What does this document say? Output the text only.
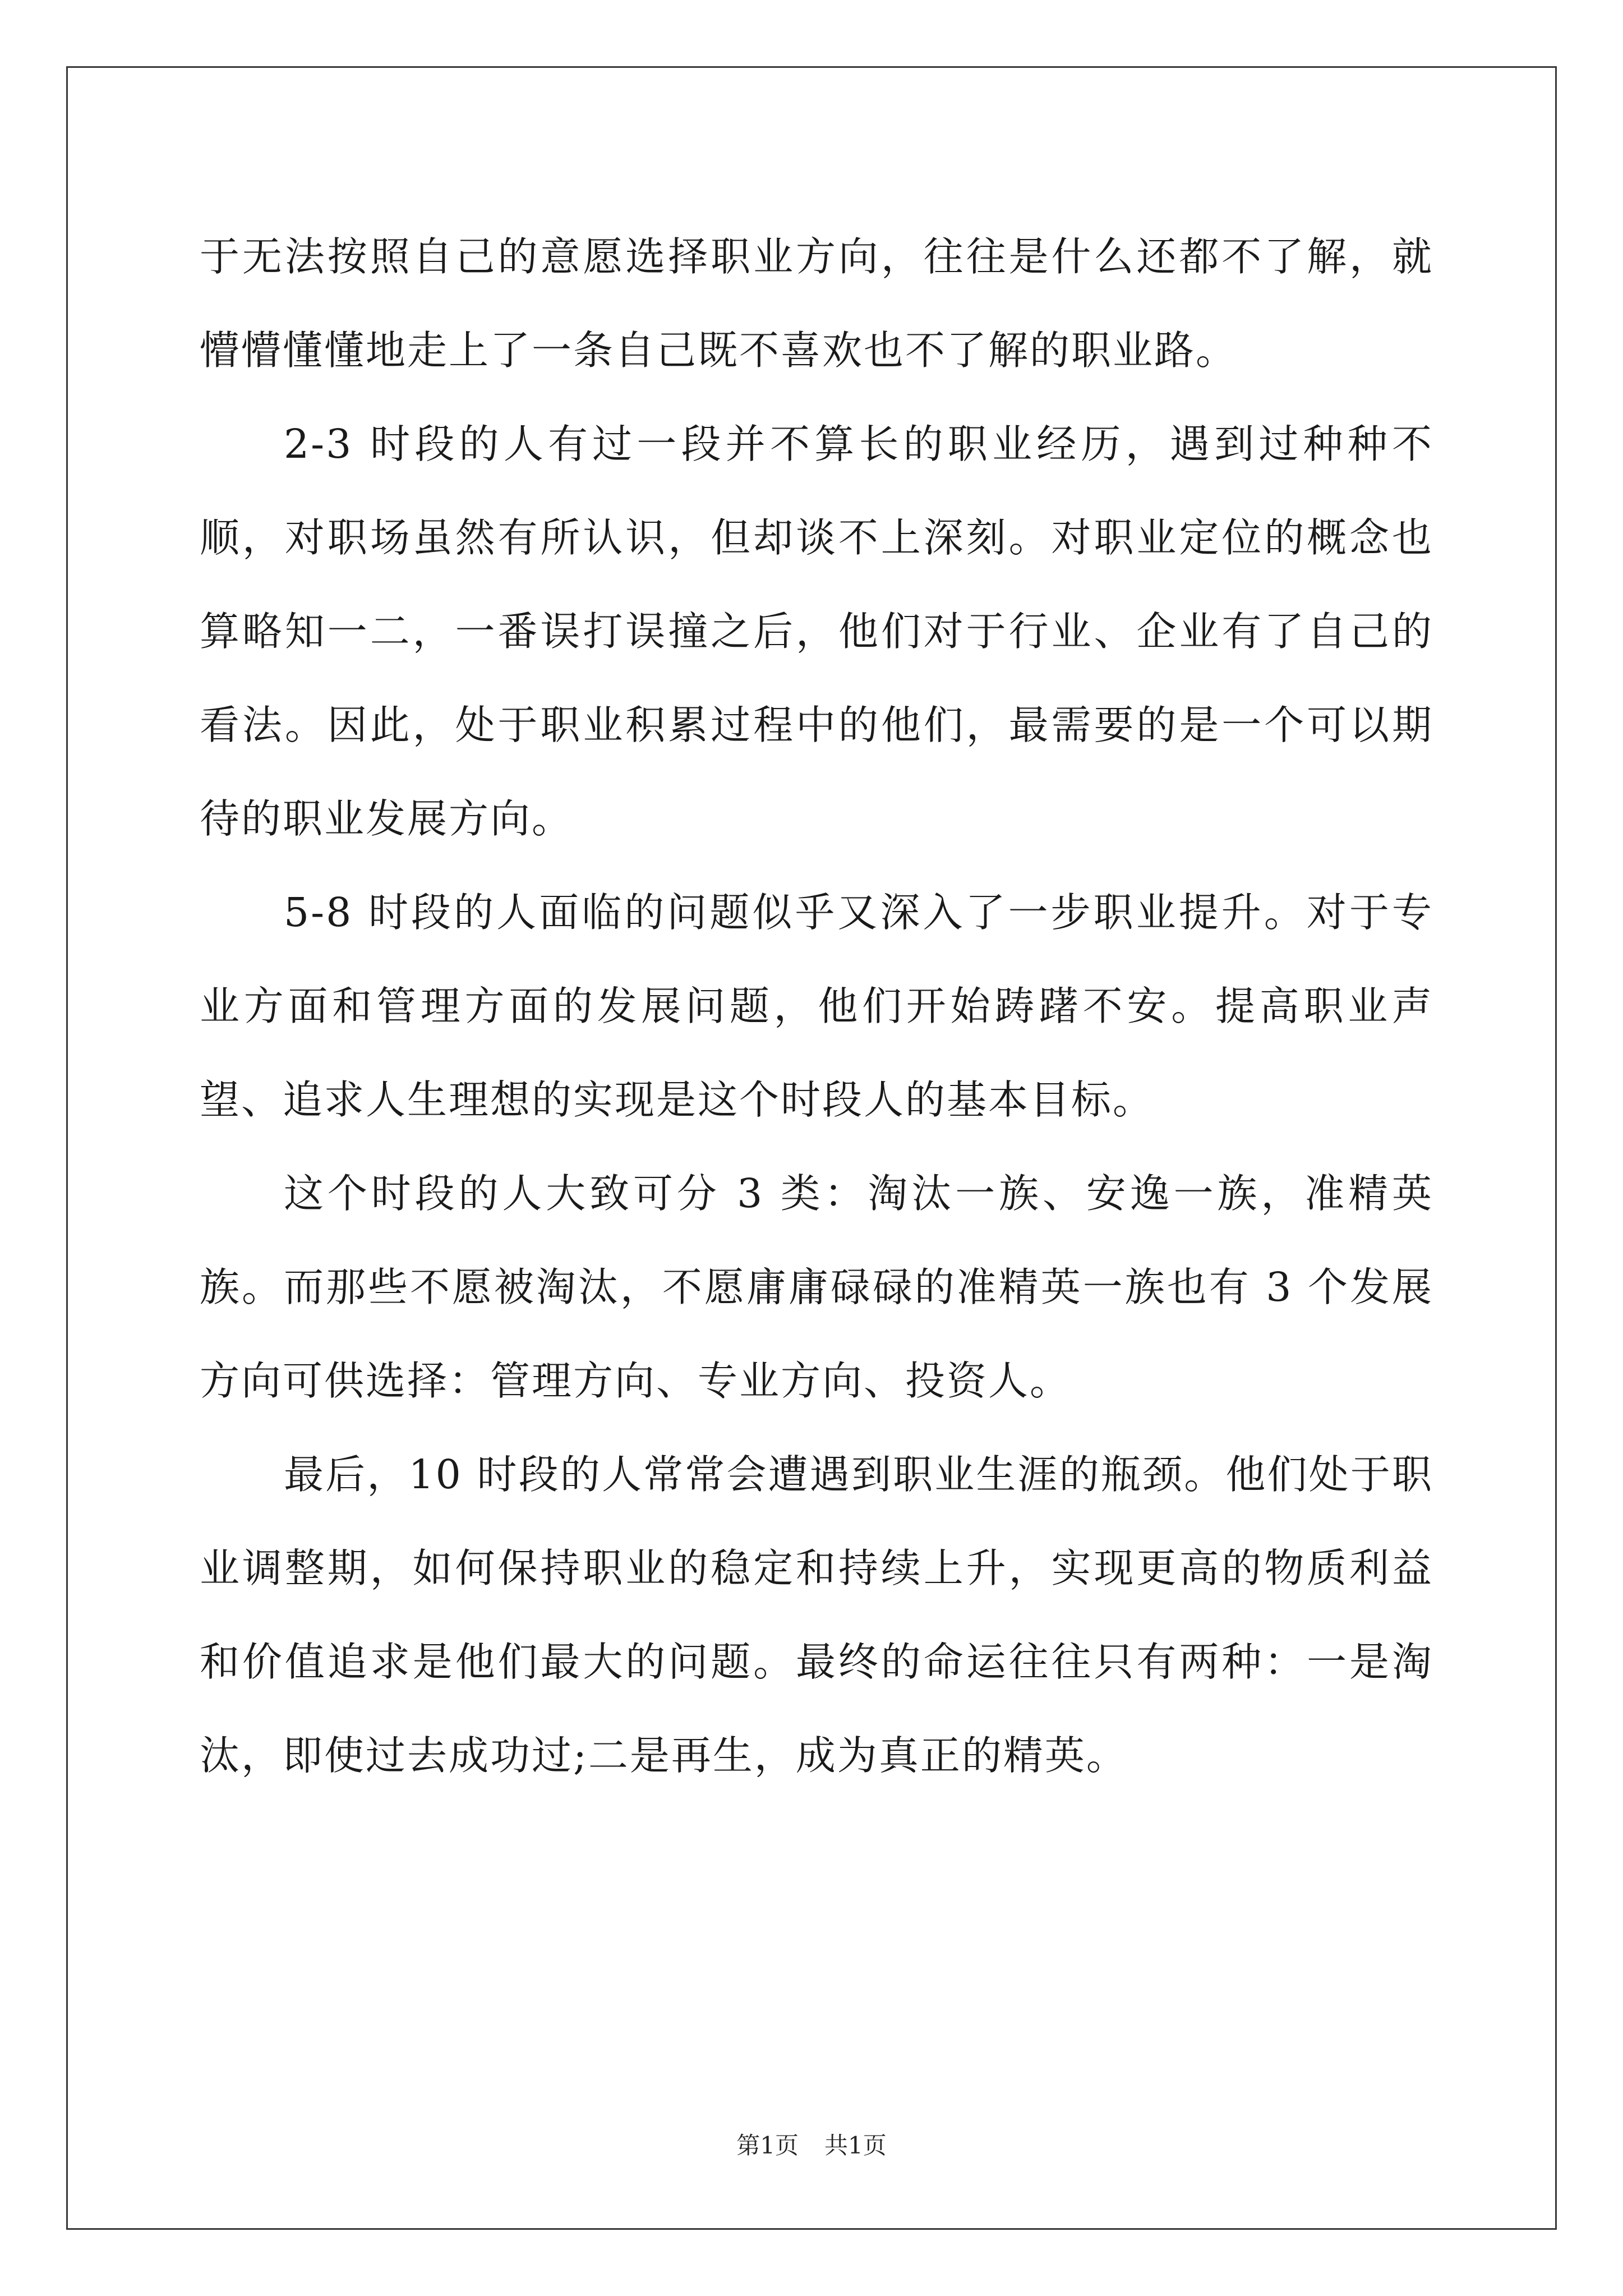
于无法按照自己的意愿选择职业方向，往往是什么还都不了解，就懵懵懂懂地走上了一条自己既不喜欢也不了解的职业路。

2-3 时段的人有过一段并不算长的职业经历，遇到过种种不顺，对职场虽然有所认识，但却谈不上深刻。对职业定位的概念也算略知一二，一番误打误撞之后，他们对于行业、企业有了自己的看法。因此，处于职业积累过程中的他们，最需要的是一个可以期待的职业发展方向。

5-8 时段的人面临的问题似乎又深入了一步职业提升。对于专业方面和管理方面的发展问题，他们开始踌躇不安。提高职业声望、追求人生理想的实现是这个时段人的基本目标。

这个时段的人大致可分 3 类：淘汰一族、安逸一族，准精英族。而那些不愿被淘汰，不愿庸庸碌碌的准精英一族也有 3 个发展方向可供选择：管理方向、专业方向、投资人。

最后，10 时段的人常常会遭遇到职业生涯的瓶颈。他们处于职业调整期，如何保持职业的稳定和持续上升，实现更高的物质利益和价值追求是他们最大的问题。最终的命运往往只有两种：一是淘汰，即使过去成功过;二是再生，成为真正的精英。

第1页 共1页
